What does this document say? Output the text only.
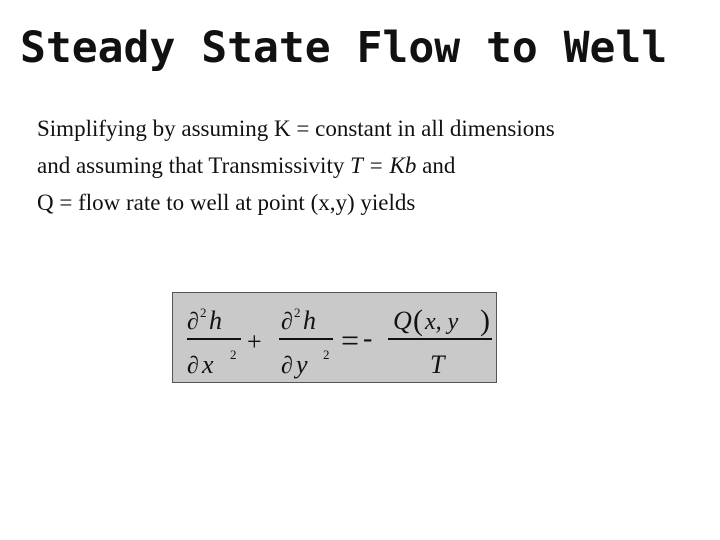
Steady State Flow to Well
Simplifying by assuming K = constant in all dimensions
and assuming that Transmissivity T = Kb and
Q = flow rate to well at point (x,y) yields
∂ 2 h
∂ x 2 +
∂ 2 h
∂ y 2 = -
Q ( x, y )
T
